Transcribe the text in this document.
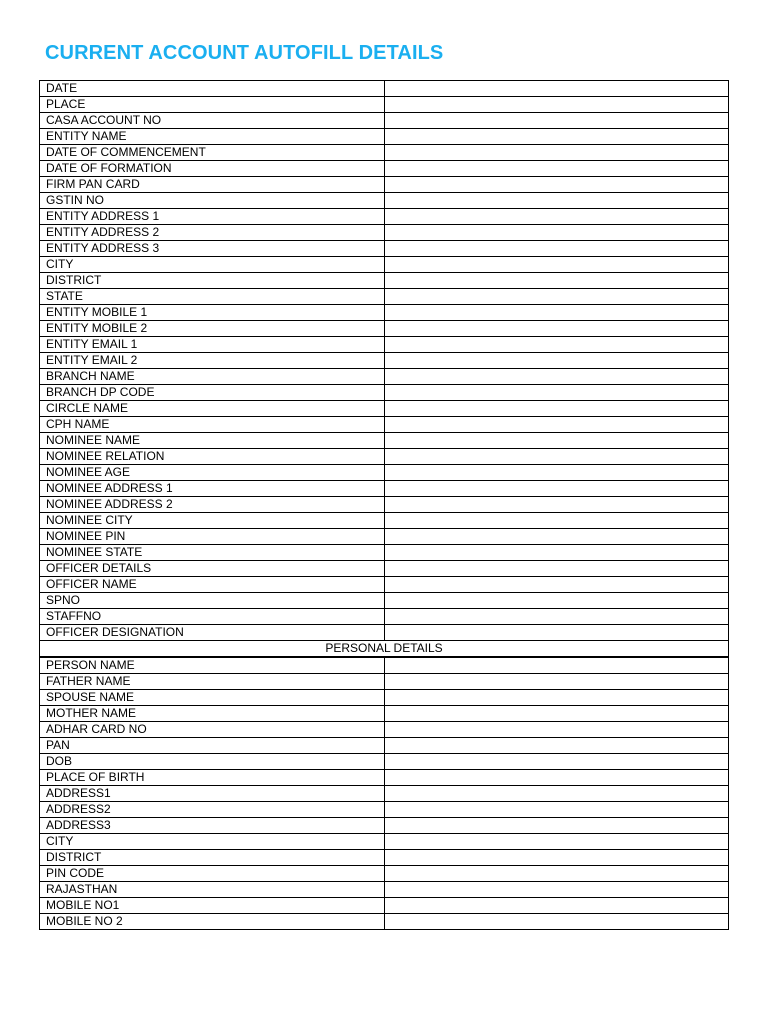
CURRENT ACCOUNT AUTOFILL DETAILS
DATE	
PLACE	
CASA ACCOUNT NO	
ENTITY NAME	
DATE OF COMMENCEMENT	
DATE OF FORMATION	
FIRM PAN CARD	
GSTIN NO	
ENTITY ADDRESS 1	
ENTITY ADDRESS 2	
ENTITY ADDRESS 3	
CITY	
DISTRICT	
STATE	
ENTITY MOBILE 1	
ENTITY MOBILE 2	
ENTITY EMAIL 1	
ENTITY EMAIL 2	
BRANCH NAME	
BRANCH DP CODE	
CIRCLE NAME	
CPH NAME	
NOMINEE NAME	
NOMINEE RELATION	
NOMINEE AGE	
NOMINEE ADDRESS 1	
NOMINEE ADDRESS 2	
NOMINEE CITY	
NOMINEE PIN	
NOMINEE STATE	
OFFICER DETAILS	
OFFICER NAME	
SPNO	
STAFFNO	
OFFICER DESIGNATION	
PERSONAL DETAILS	
PERSON NAME	
FATHER NAME	
SPOUSE NAME	
MOTHER NAME	
ADHAR CARD NO	
PAN	
DOB	
PLACE OF BIRTH	
ADDRESS1	
ADDRESS2	
ADDRESS3	
CITY	
DISTRICT	
PIN CODE	
RAJASTHAN	
MOBILE NO1	
MOBILE NO 2	
